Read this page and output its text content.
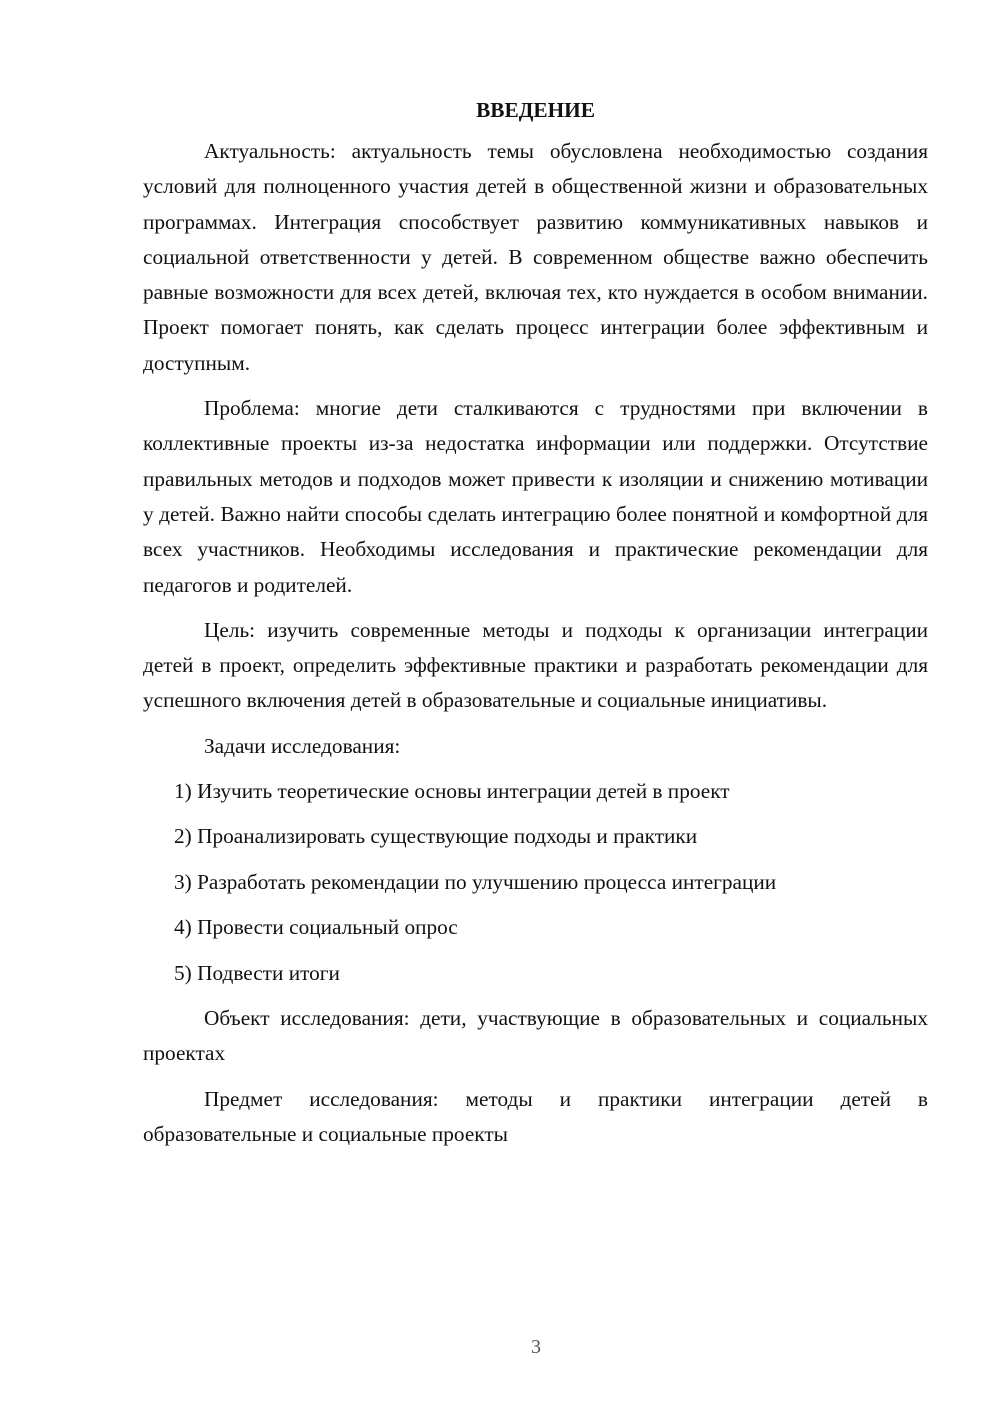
ВВЕДЕНИЕ

Актуальность: актуальность темы обусловлена необходимостью создания условий для полноценного участия детей в общественной жизни и образовательных программах. Интеграция способствует развитию коммуникативных навыков и социальной ответственности у детей. В современном обществе важно обеспечить равные возможности для всех детей, включая тех, кто нуждается в особом внимании. Проект помогает понять, как сделать процесс интеграции более эффективным и доступным.

Проблема: многие дети сталкиваются с трудностями при включении в коллективные проекты из-за недостатка информации или поддержки. Отсутствие правильных методов и подходов может привести к изоляции и снижению мотивации у детей. Важно найти способы сделать интеграцию более понятной и комфортной для всех участников. Необходимы исследования и практические рекомендации для педагогов и родителей.

Цель: изучить современные методы и подходы к организации интеграции детей в проект, определить эффективные практики и разработать рекомендации для успешного включения детей в образовательные и социальные инициативы.

Задачи исследования:

1) Изучить теоретические основы интеграции детей в проект
2) Проанализировать существующие подходы и практики
3) Разработать рекомендации по улучшению процесса интеграции
4) Провести социальный опрос
5) Подвести итоги

Объект исследования: дети, участвующие в образовательных и социальных проектах

Предмет исследования: методы и практики интеграции детей в образовательные и социальные проекты

3
